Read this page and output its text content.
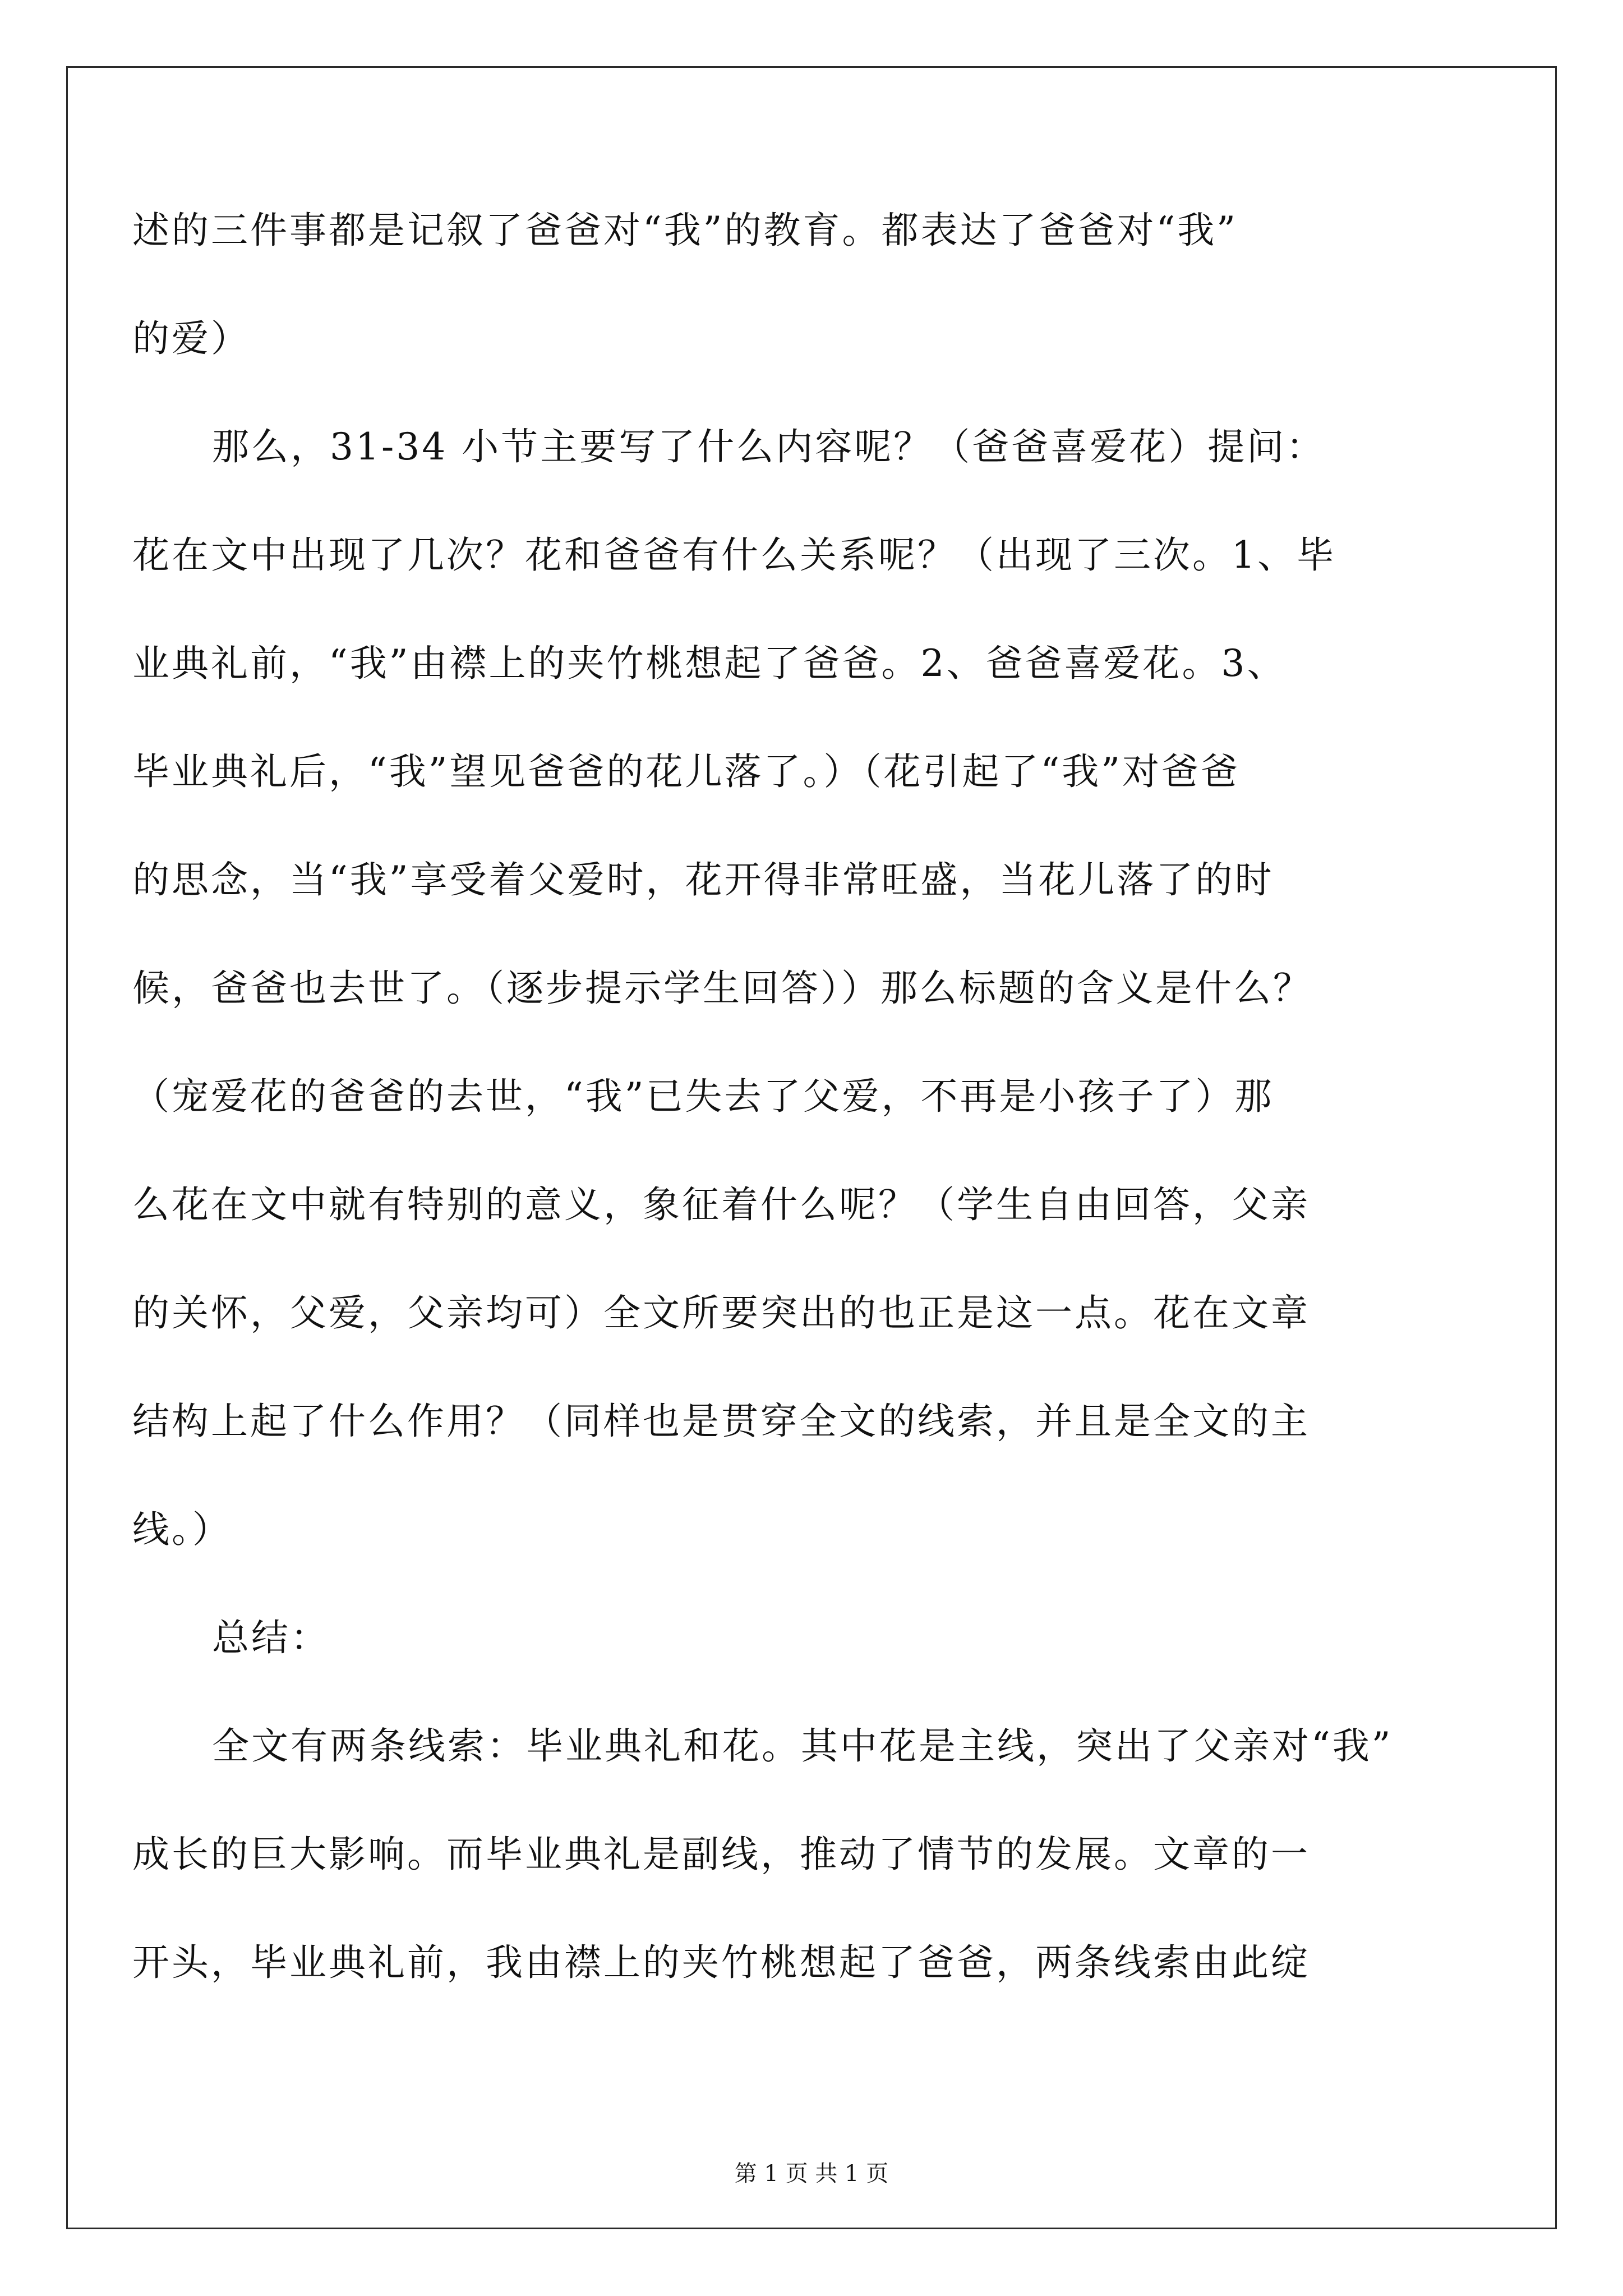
述的三件事都是记叙了爸爸对“我”的教育。都表达了爸爸对“我”
的爱）
那么，31-34 小节主要写了什么内容呢？（爸爸喜爱花）提问：
花在文中出现了几次？花和爸爸有什么关系呢？（出现了三次。1、毕
业典礼前，“我”由襟上的夹竹桃想起了爸爸。2、爸爸喜爱花。3、
毕业典礼后，“我”望见爸爸的花儿落了。）（花引起了“我”对爸爸
的思念，当“我”享受着父爱时，花开得非常旺盛，当花儿落了的时
候，爸爸也去世了。（逐步提示学生回答））那么标题的含义是什么？
（宠爱花的爸爸的去世，“我”已失去了父爱，不再是小孩子了）那
么花在文中就有特别的意义，象征着什么呢？（学生自由回答，父亲
的关怀，父爱，父亲均可）全文所要突出的也正是这一点。花在文章
结构上起了什么作用？（同样也是贯穿全文的线索，并且是全文的主
线。）
总结：
全文有两条线索：毕业典礼和花。其中花是主线，突出了父亲对“我”
成长的巨大影响。而毕业典礼是副线，推动了情节的发展。文章的一
开头，毕业典礼前，我由襟上的夹竹桃想起了爸爸，两条线索由此绽
第 1 页 共 1 页
